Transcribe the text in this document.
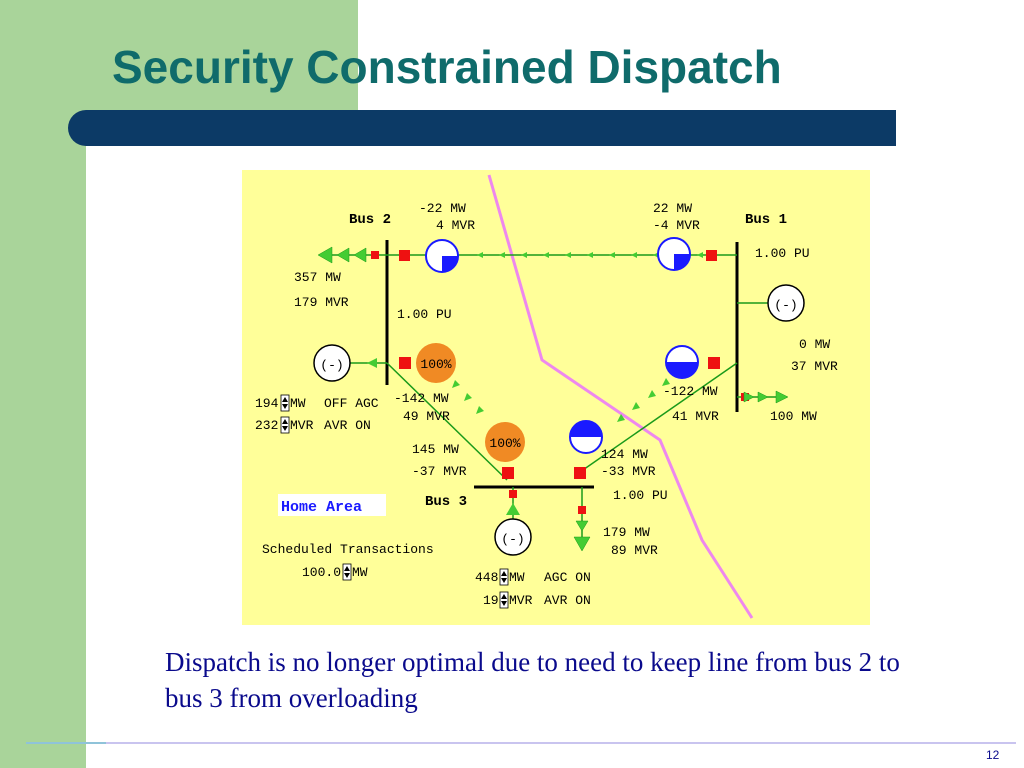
Security Constrained Dispatch
(-)	100%
100%
(-)
(-)
Bus 2	Bus 1
Bus 3
-22 MW
4 MVR
22 MW
-4 MVR
1.00 PU
357 MW
179 MVR
1.00 PU
0 MW
37 MVR
-122 MW
41 MVR	100 MW
-142 MW
49 MVR
194 MW OFF AGC
232 MVR AVR ON
145 MW
-37 MVR
124 MW
-33 MVR
1.00 PU
179 MW
89 MVR
448 MW AGC ON
19 MVR AVR ON
Home Area
Scheduled Transactions
100.0 MW
Dispatch is no longer optimal due to need to keep line from bus 2 to bus 3 from overloading
12
